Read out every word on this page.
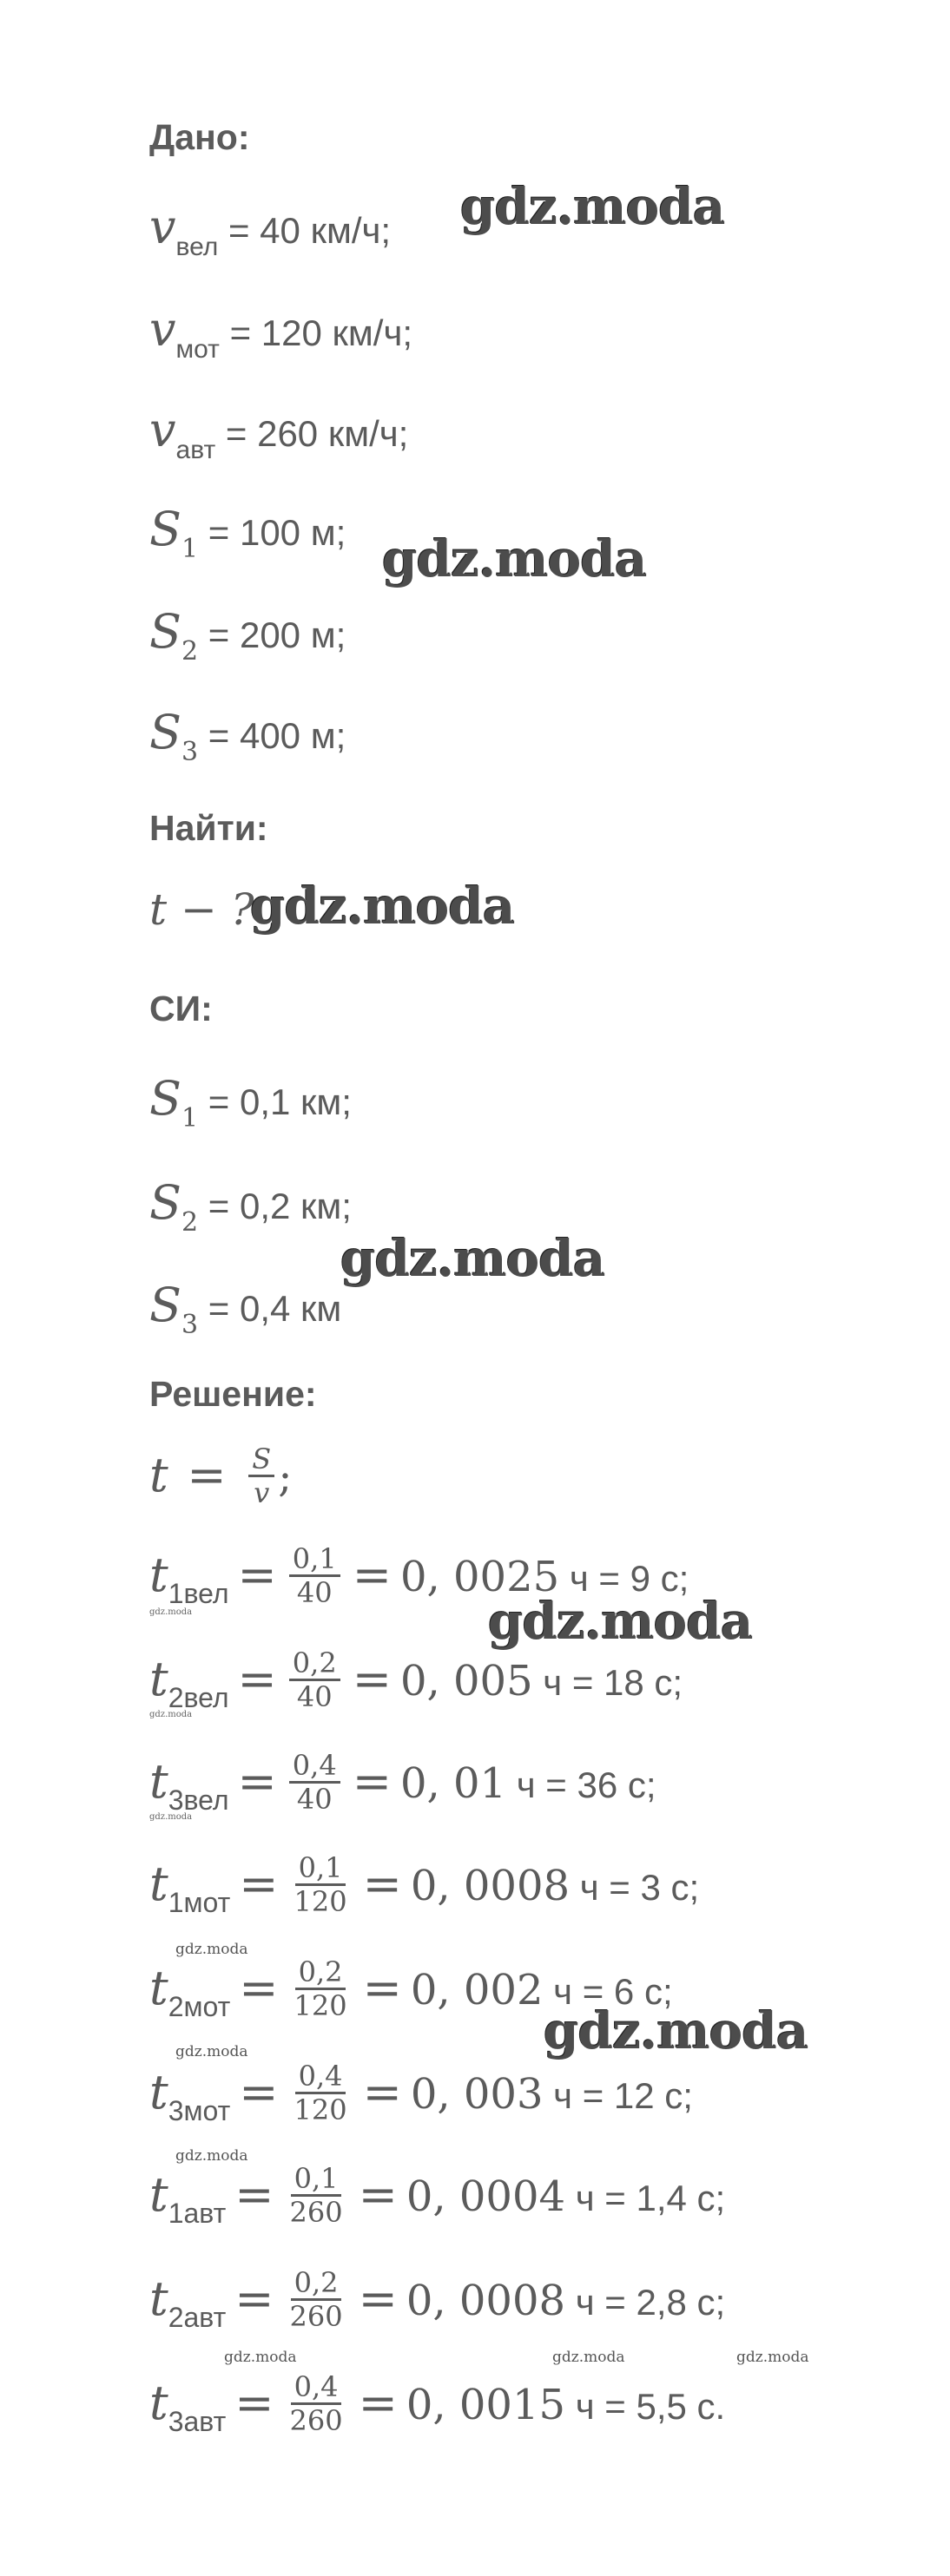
Дано:
$v_{вел} = 40$ км/ч;
$v_{мот} = 120$ км/ч;
$v_{авт} = 260$ км/ч;
$S_1 = 100$ м;
$S_2 = 200$ м;
$S_3 = 400$ м;
Найти:
t − ?
СИ:
$S_1 = 0,1$ км;
$S_2 = 0,2$ км;
$S_3 = 0,4$ км
Решение:
$t = \frac{S}{v}$ ;
$t_{1вел} = \frac{0,1}{40} = 0$, 0025 ч = 9 с;
$t_{2вел} = \frac{0,2}{40} = 0$, 005 ч = 18 с;
$t_{3вел} = \frac{0,4}{40} = 0$, 01 ч = 36 с;
$t_{1мот} = \frac{0,1}{120} = 0$, 0008 ч = 3 с;
$t_{2мот} = \frac{0,2}{120} = 0$, 002 ч = 6 с;
$t_{3мот} = \frac{0,4}{120} = 0$, 003 ч = 12 с;
$t_{1авт} = \frac{0,1}{260} = 0$, 0004 ч = 1,4 с;
$t_{2авт} = \frac{0,2}{260} = 0$, 0008 ч = 2,8 с;
$t_{3авт} = \frac{0,4}{260} = 0$, 0015 ч = 5,5 с.
gdz.moda
gdz.moda
gdz.moda
gdz.moda
gdz.moda
gdz.moda
gdz.moda
gdz.moda
gdz.moda
gdz.moda
gdz.moda
gdz.moda
gdz.moda	gdz.moda	gdz.moda
